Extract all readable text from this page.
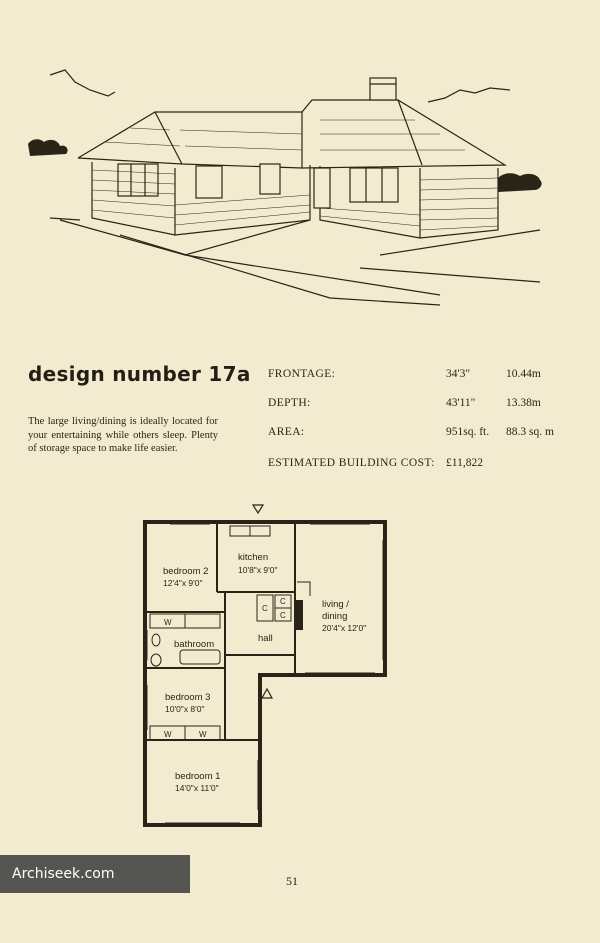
design number 17a
The large living/dining is ideally located for your entertaining while others sleep. Plenty of storage space to make life easier.
FRONTAGE:	34'3"	10.44m
DEPTH:	43'11"	13.38m
AREA:	951sq. ft. 88.3 sq. m
ESTIMATED BUILDING COST: £11,822
kitchen
10'8"x 9'0"
bedroom 2
12'4"x 9'0"
living /
dining
20'4"x 12'0"
bathroom
hall
bedroom 3
10'0"x 8'0"
bedroom 1
14'0"x 11'0"
W
W	W
C
C
C
51
Archiseek.com
